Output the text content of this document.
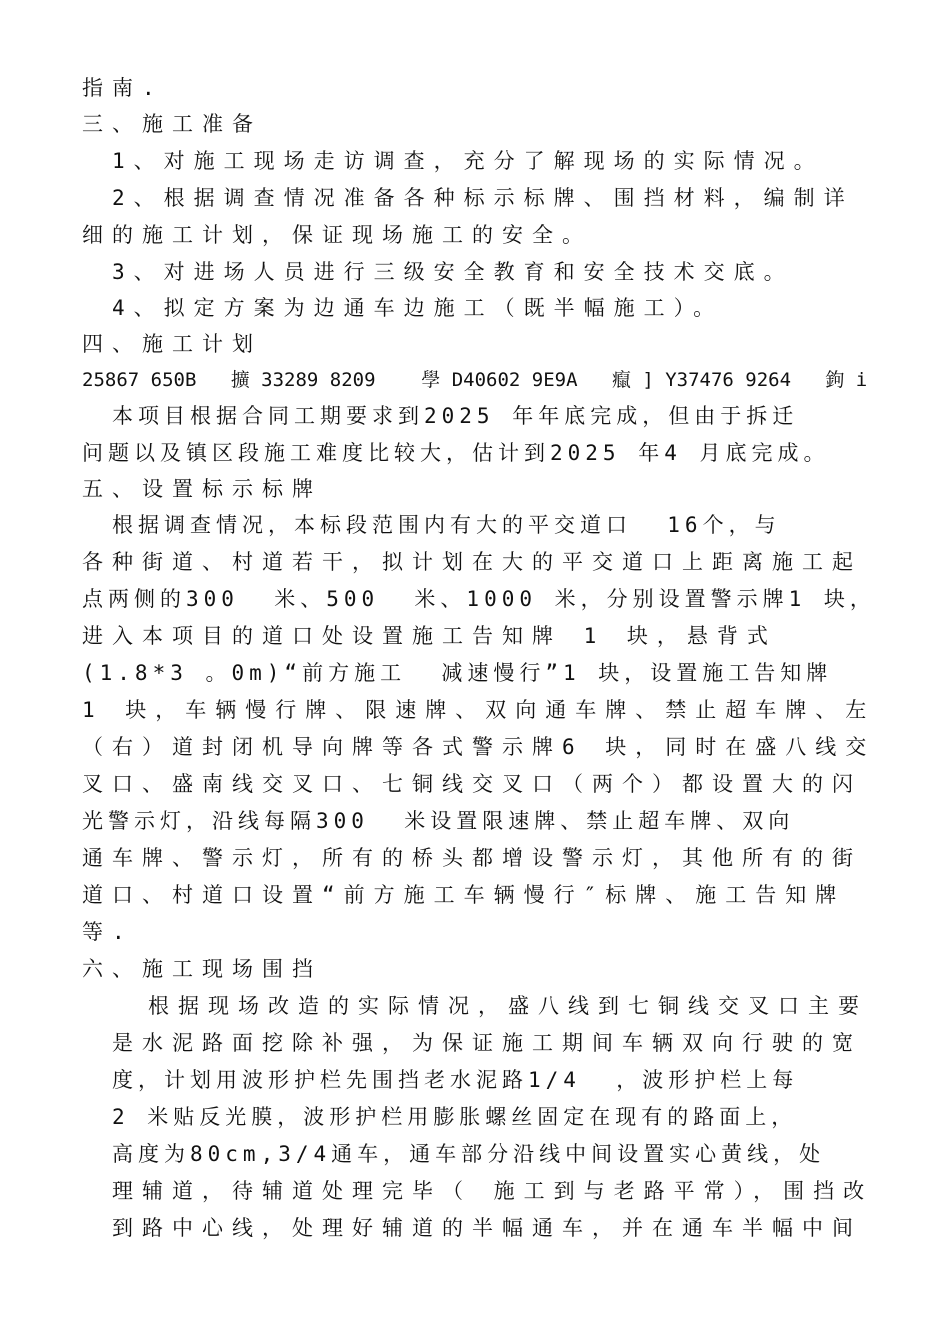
指南.
三、施工准备
1、对施工现场走访调查，充分了解现场的实际情况。
2、根据调查情况准备各种标示标牌、围挡材料，编制详
细的施工计划，保证现场施工的安全。
3、对进场人员进行三级安全教育和安全技术交底。
4、拟定方案为边通车边施工（既半幅施工）。
四、施工计划
25867 650B   擴 33289 8209    學 D40602 9E9A   癙 ] Y37476 9264   鉤 i
本项目根据合同工期要求到2025 年年底完成，但由于拆迁
问题以及镇区段施工难度比较大，估计到2025 年4 月底完成。
五、设置标示标牌
根据调查情况，本标段范围内有大的平交道口  16个，与
各种街道、村道若干，拟计划在大的平交道口上距离施工起
点两侧的300  米、500  米、1000 米，分别设置警示牌1 块，
进入本项目的道口处设置施工告知牌 1 块，悬背式
(1.8*3 。0m)“前方施工  减速慢行”1 块，设置施工告知牌
1 块，车辆慢行牌、限速牌、双向通车牌、禁止超车牌、左
（右）道封闭机导向牌等各式警示牌6 块，同时在盛八线交
叉口、盛南线交叉口、七铜线交叉口（两个）都设置大的闪
光警示灯，沿线每隔300  米设置限速牌、禁止超车牌、双向
通车牌、警示灯，所有的桥头都增设警示灯，其他所有的街
道口、村道口设置“前方施工车辆慢行″标牌、施工告知牌
等.
六、施工现场围挡
根据现场改造的实际情况，盛八线到七铜线交叉口主要
是水泥路面挖除补强，为保证施工期间车辆双向行驶的宽
度，计划用波形护栏先围挡老水泥路1/4  ，波形护栏上每
2 米贴反光膜，波形护栏用膨胀螺丝固定在现有的路面上，
高度为80cm,3/4通车，通车部分沿线中间设置实心黄线，处
理辅道，待辅道处理完毕（ 施工到与老路平常），围挡改
到路中心线，处理好辅道的半幅通车，并在通车半幅中间
